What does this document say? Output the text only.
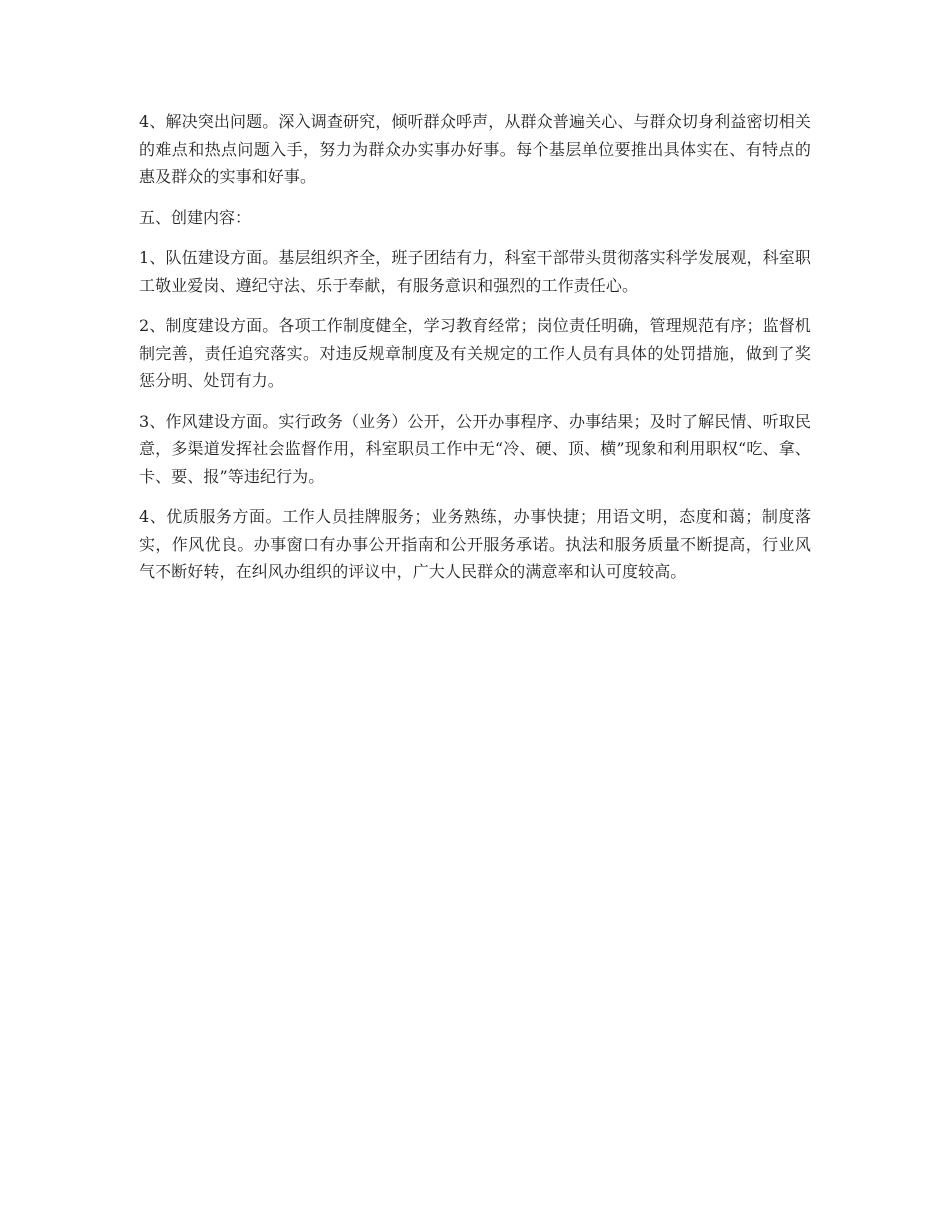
4、解决突出问题。深入调查研究，倾听群众呼声，从群众普遍关心、与群众切身利益密切相关的难点和热点问题入手，努力为群众办实事办好事。每个基层单位要推出具体实在、有特点的惠及群众的实事和好事。

五、创建内容：

1、队伍建设方面。基层组织齐全，班子团结有力，科室干部带头贯彻落实科学发展观，科室职工敬业爱岗、遵纪守法、乐于奉献，有服务意识和强烈的工作责任心。

2、制度建设方面。各项工作制度健全，学习教育经常；岗位责任明确，管理规范有序；监督机制完善，责任追究落实。对违反规章制度及有关规定的工作人员有具体的处罚措施，做到了奖惩分明、处罚有力。

3、作风建设方面。实行政务（业务）公开，公开办事程序、办事结果；及时了解民情、听取民意，多渠道发挥社会监督作用，科室职员工作中无“冷、硬、顶、横”现象和利用职权“吃、拿、卡、要、报”等违纪行为。

4、优质服务方面。工作人员挂牌服务；业务熟练，办事快捷；用语文明，态度和蔼；制度落实，作风优良。办事窗口有办事公开指南和公开服务承诺。执法和服务质量不断提高，行业风气不断好转，在纠风办组织的评议中，广大人民群众的满意率和认可度较高。
